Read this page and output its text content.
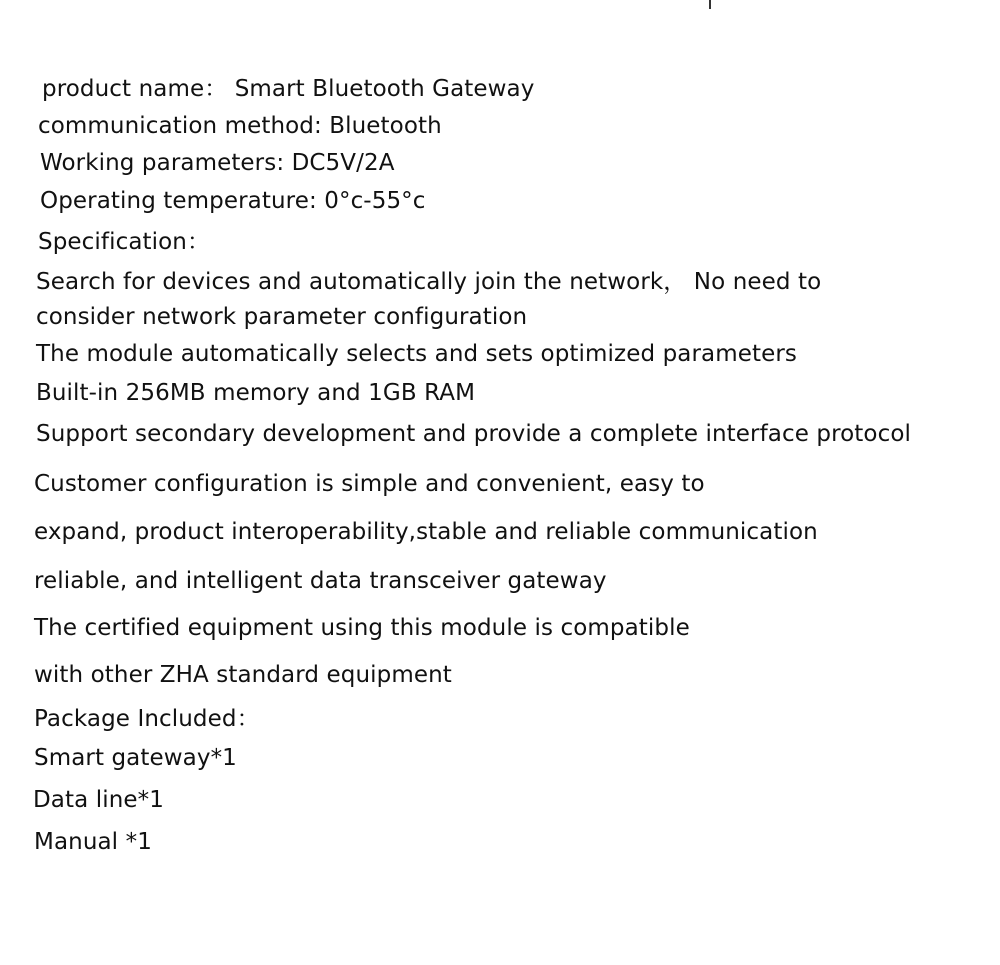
product name： Smart Bluetooth Gateway
communication method: Bluetooth
Working parameters: DC5V/2A
Operating temperature: 0°c-55°c
Specification：
Search for devices and automatically join the network， No need to
consider network parameter configuration
The module automatically selects and sets optimized parameters
Built-in 256MB memory and 1GB RAM
Support secondary development and provide a complete interface protocol
Customer configuration is simple and convenient, easy to
expand, product interoperability,stable and reliable communication
reliable, and intelligent data transceiver gateway
The certified equipment using this module is compatible
with other ZHA standard equipment
Package Included：
Smart gateway*1
Data line*1
Manual *1
